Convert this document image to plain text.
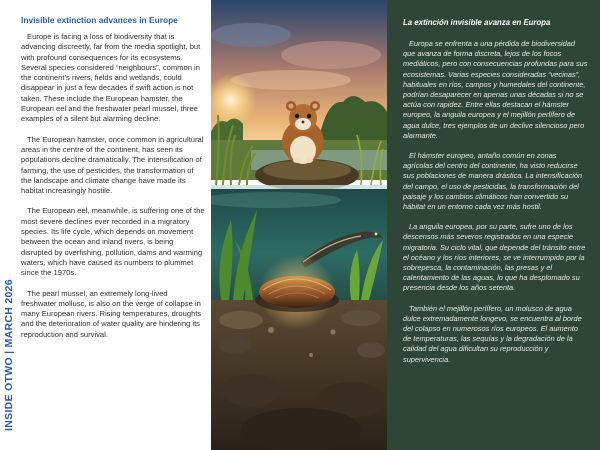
INSIDE OTWO | MARCH 2026
Invisible extinction advances in Europe

Europe is facing a loss of biodiversity that is advancing discreetly, far from the media spotlight, but with profound consequences for its ecosystems. Several species considered “neighbours”, common in the continent’s rivers, fields and wetlands, could disappear in just a few decades if swift action is not taken. These include the European hamster, the European eel and the freshwater pearl mussel, three examples of a silent but alarming decline.

The European hamster, once common in agricultural areas in the centre of the continent, has seen its populations decline dramatically. The intensification of farming, the use of pesticides, the transformation of the landscape and climate change have made its habitat increasingly hostile.

The European eel, meanwhile, is suffering one of the most severe declines ever recorded in a migratory species. Its life cycle, which depends on movement between the ocean and inland rivers, is being disrupted by overfishing, pollution, dams and warming waters, which have caused its numbers to plummet since the 1970s.

The pearl mussel, an extremely long-lived freshwater mollusc, is also on the verge of collapse in many European rivers. Rising temperatures, droughts and the deterioration of water quality are hindering its reproduction and survival.

La extinción invisible avanza en Europa

Europa se enfrenta a una pérdida de biodiversidad que avanza de forma discreta, lejos de los focos mediáticos, pero con consecuencias profundas para sus ecosistemas. Varias especies consideradas “vecinas”, habituales en ríos, campos y humedales del continente, podrían desaparecer en apenas unas décadas si no se actúa con rapidez. Entre ellas destacan el hámster europeo, la anguila europea y el mejillón perlífero de agua dulce, tres ejemplos de un declive silencioso pero alarmante.

El hámster europeo, antaño común en zonas agrícolas del centro del continente, ha visto reducirse sus poblaciones de manera drástica. La intensificación del campo, el uso de pesticidas, la transformación del paisaje y los cambios climáticos han convertido su hábitat en un entorno cada vez más hostil.

La anguila europea, por su parte, sufre uno de los descensos más severos registrados en una especie migratoria. Su ciclo vital, que depende del tránsito entre el océano y los ríos interiores, se ve interrumpido por la sobrepesca, la contaminación, las presas y el calentamiento de las aguas, lo que ha desplomado su presencia desde los años setenta.

También el mejillón perlífero, un molusco de agua dulce extremadamente longevo, se encuentra al borde del colapso en numerosos ríos europeos. El aumento de temperaturas, las sequías y la degradación de la calidad del agua dificultan su reproducción y supervivencia.
